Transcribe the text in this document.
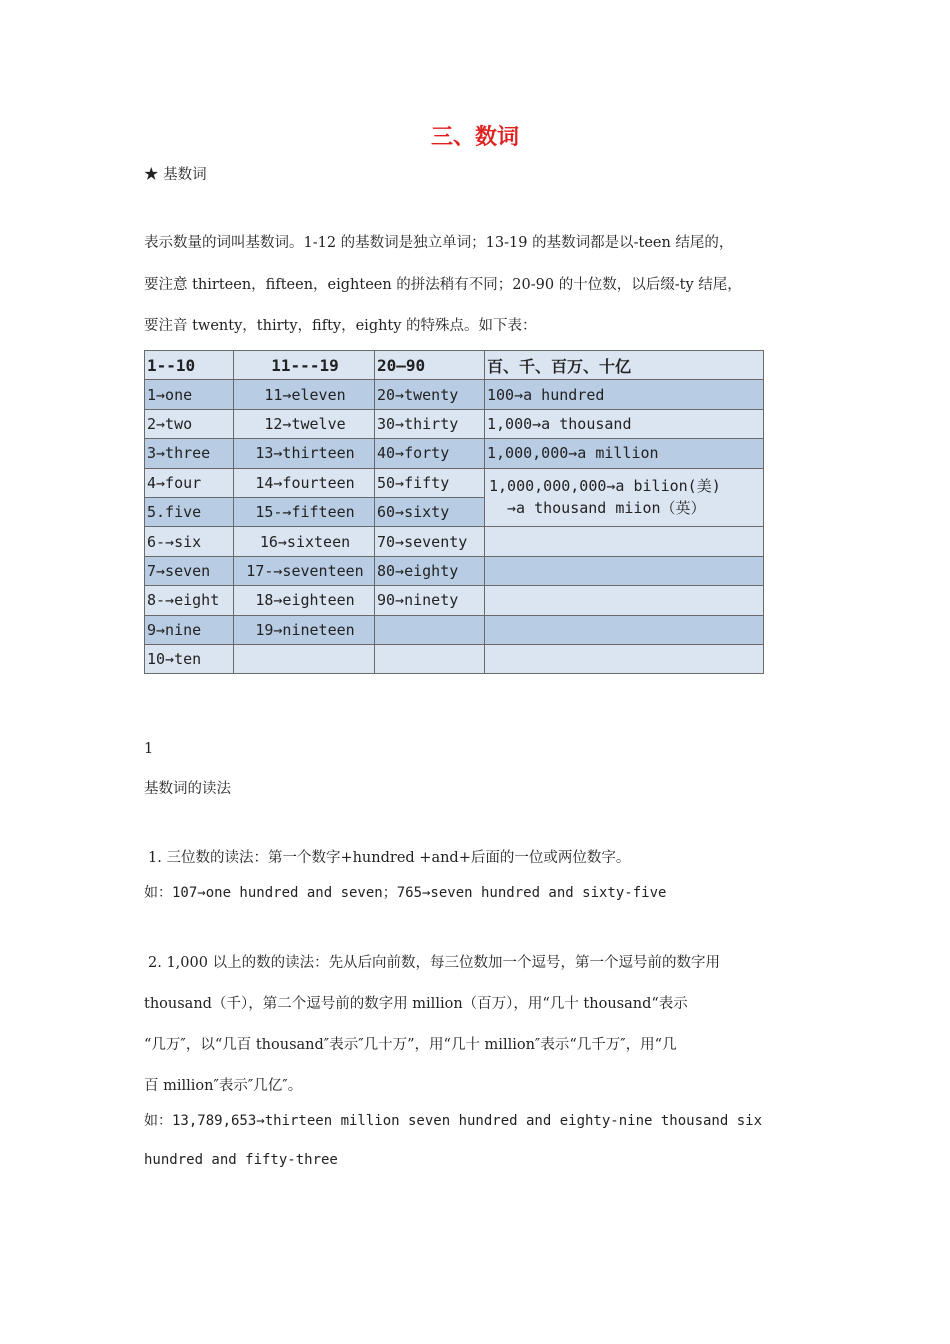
三、数词
★ 基数词
表示数量的词叫基数词。1-12 的基数词是独立单词；13-19 的基数词都是以-teen 结尾的，
要注意 thirteen，fifteen，eighteen 的拼法稍有不同；20-90 的十位数，以后缀-ty 结尾，
要注音 twenty，thirty，fifty，eighty 的特殊点。如下表：
1--10	11---19	20—90	百、千、百万、十亿
1→one	11→eleven	20→twenty	100→a hundred
2→two	12→twelve	30→thirty	1,000→a thousand
3→three	13→thirteen	40→forty	1,000,000→a million
4→four	14→fourteen	50→fifty	1,000,000,000→a bilion(美)
→a thousand miion（英）

5.five	15-→fifteen	60→sixty	
6-→six	16→sixteen	70→seventy	
7→seven	17-→seventeen	80→eighty	
8-→eight	18→eighteen	90→ninety	
9→nine	19→nineteen		
10→ten			
1
基数词的读法
1. 三位数的读法：第一个数字+hundred +and+后面的一位或两位数字。
如：107→one hundred and seven；765→seven hundred and sixty-five
2. 1,000 以上的数的读法：先从后向前数，每三位数加一个逗号，第一个逗号前的数字用
thousand（千），第二个逗号前的数字用 million（百万），用“几十 thousand“表示
“几万″，以“几百 thousand″表示″几十万”，用“几十 million″表示“几千万″，用“几
百 million″表示″几亿″。
如：13,789,653→thirteen million seven hundred and eighty-nine thousand six
hundred and fifty-three
